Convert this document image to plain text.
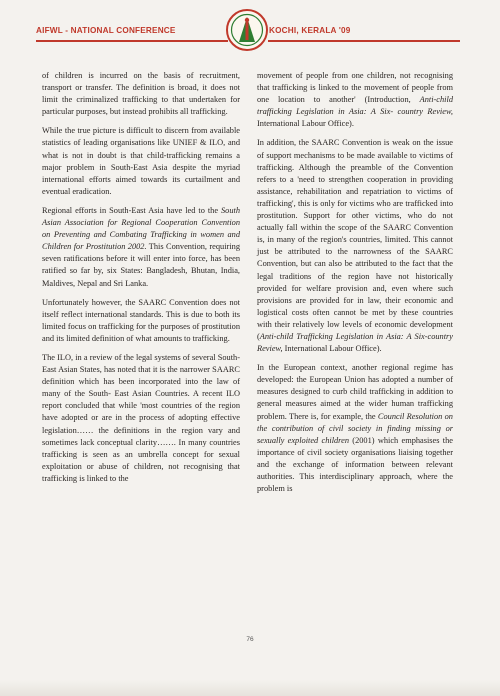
AIFWL - NATIONAL CONFERENCE	KOCHI, KERALA '09

of children is incurred on the basis of recruitment, transport or transfer. The definition is broad, it does not limit the criminalized trafficking to that undertaken for particular purposes, but instead prohibits all trafficking.

While the true picture is difficult to discern from available statistics of leading organisations like UNIEF & ILO, and what is not in doubt is that child-trafficking remains a major problem in South-East Asia despite the myriad international efforts aimed towards its curtailment and eventual eradication.

Regional efforts in South-East Asia have led to the South Asian Association for Regional Cooperation Convention on Preventing and Combating Trafficking in women and Children for Prostitution 2002. This Convention, requiring seven ratifications before it will enter into force, has been ratified so far by, six States: Bangladesh, Bhutan, India, Maldives, Nepal and Sri Lanka.

Unfortunately however, the SAARC Convention does not itself reflect international standards. This is due to both its limited focus on trafficking for the purposes of prostitution and its limited definition of what amounts to trafficking.

The ILO, in a review of the legal systems of several South-East Asian States, has noted that it is the narrower SAARC definition which has been incorporated into the law of many of the South- East Asian Countries. A recent ILO report concluded that while 'most countries of the region have adopted or are in the process of adopting effective legislation…… the definitions in the region vary and sometimes lack conceptual clarity……. In many countries trafficking is seen as an umbrella concept for sexual exploitation or abuse of children, not recognising that trafficking is linked to the

movement of people from one children, not recognising that trafficking is linked to the movement of people from one location to another' (Introduction, Anti-child trafficking Legislation in Asia: A Six- country Review, International Labour Office).

In addition, the SAARC Convention is weak on the issue of support mechanisms to be made available to victims of trafficking. Although the preamble of the Convention refers to a 'need to strengthen cooperation in providing assistance, rehabilitation and repatriation to victims of trafficking', this is only for victims who are trafficked into prostitution. Support for other victims, who do not actually fall within the scope of the SAARC Convention is, in many of the region's countries, limited. This cannot just be attributed to the narrowness of the SAARC Convention, but can also be attributed to the fact that the legal traditions of the region have not historically provided for welfare provision and, even where such provisions are provided for in law, their economic and logistical costs often cannot be met by these countries with their relatively low levels of economic development (Anti-child Trafficking Legislation in Asia: A Six-country Review, International Labour Office).

In the European context, another regional regime has developed: the European Union has adopted a number of measures designed to curb child trafficking in addition to general measures aimed at the wider human trafficking problem. There is, for example, the Council Resolution on the contribution of civil society in finding missing or sexually exploited children (2001) which emphasises the importance of civil society organisations liaising together and the exchange of information between relevant authorities. This interdisciplinary approach, where the problem is

76
